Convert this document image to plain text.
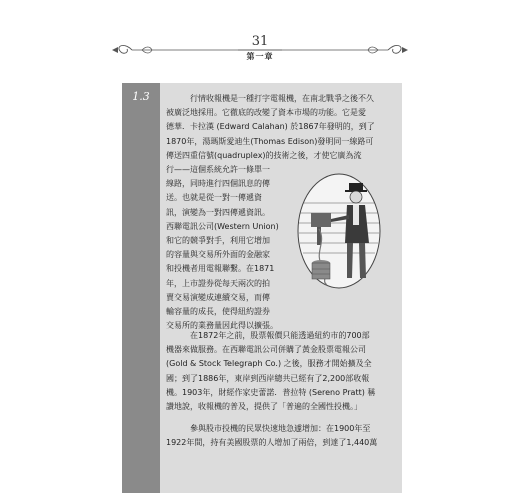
31
第一章
1.3	行情收報機是一種打字電報機，在南北戰爭之後不久
被廣泛地採用。它徹底的改變了資本市場的功能。它是愛
德華．卡拉漢 (Edward Calahan) 於1867年發明的，到了
1870年，湯瑪斯愛迪生(Thomas Edison)發明同一線路可
傳送四重信號(quadruplex)的技術之後，才使它廣為流
行——這個系統允許一條單一
線路，同時進行四個訊息的傳
送。也就是從一對一傳遞資
訊，演變為一對四傳遞資訊。
西聯電訊公司(Western Union)
和它的競爭對手，利用它增加
的容量與交易所外面的金融家
和投機者用電報聯繫。在1871
年，上市證券從每天兩次的拍
賣交易演變成連續交易，而傳
輸容量的成長，使得紐約證券
交易所的業務量因此得以擴張。
在1872年之前，股票報價只能透過紐約市的700部
機器來做服務。在西聯電訊公司併購了黃金股票電報公司
(Gold & Stock Telegraph Co.) 之後，服務才開始擴及全
國；到了1886年，東岸到西岸總共已經有了2,200部收報
機。1903年，財經作家史蕾諾．普拉特 (Sereno Pratt) 稱
讚地說，收報機的普及，提供了「普遍的全國性投機。」
參與股市投機的民眾快速地急遽增加：在1900年至
1922年間，持有美國股票的人增加了兩倍，到達了1,440萬
